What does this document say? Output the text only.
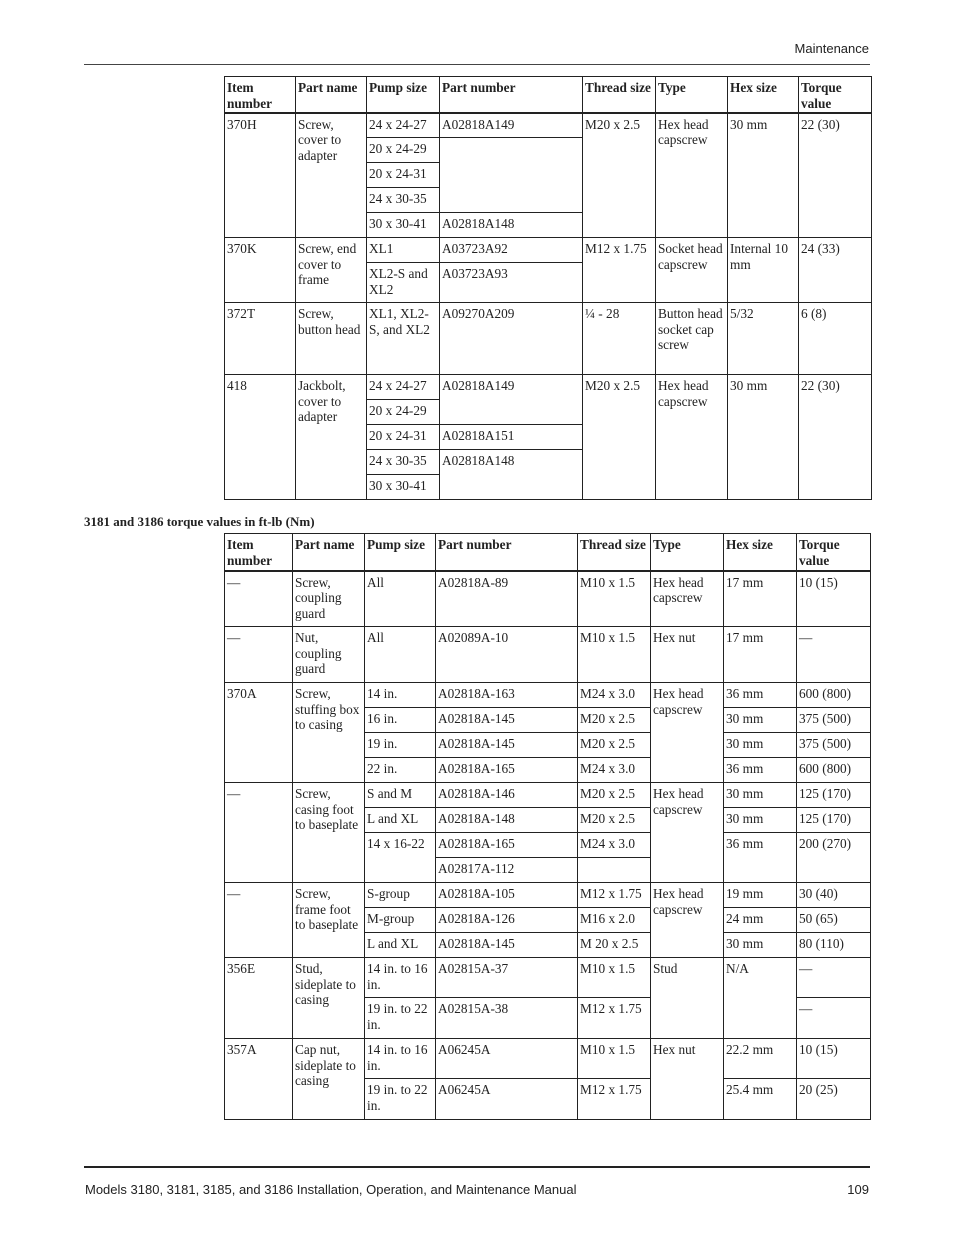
Maintenance
Item number	Part name	Pump size	Part number	Thread size	Type	Hex size	Torque value
370H	Screw, cover to adapter	24 x 24-27	A02818A149	M20 x 2.5	Hex head capscrew	30 mm	22 (30)
		20 x 24-29					
		20 x 24-31					
		24 x 30-35					
		30 x 30-41	A02818A148				
370K	Screw, end cover to frame	XL1	A03723A92	M12 x 1.75	Socket head capscrew	Internal 10 mm	24 (33)
		XL2-S and XL2	A03723A93				
372T	Screw, button head	XL1, XL2-S, and XL2	A09270A209	¼ - 28	Button head socket cap screw	5/32	6 (8)
418	Jackbolt, cover to adapter	24 x 24-27	A02818A149	M20 x 2.5	Hex head capscrew	30 mm	22 (30)
		20 x 24-29					
		20 x 24-31	A02818A151				
		24 x 30-35	A02818A148				
		30 x 30-41					
3181 and 3186 torque values in ft-lb (Nm)
Item number	Part name	Pump size	Part number	Thread size	Type	Hex size	Torque value
—	Screw, coupling guard	All	A02818A-89	M10 x 1.5	Hex head capscrew	17 mm	10 (15)
—	Nut, coupling guard	All	A02089A-10	M10 x 1.5	Hex nut	17 mm	—
370A	Screw, stuffing box to casing	14 in.	A02818A-163	M24 x 3.0	Hex head capscrew	36 mm	600 (800)
		16 in.	A02818A-145	M20 x 2.5		30 mm	375 (500)
		19 in.	A02818A-145	M20 x 2.5		30 mm	375 (500)
		22 in.	A02818A-165	M24 x 3.0		36 mm	600 (800)
—	Screw, casing foot to baseplate	S and M	A02818A-146	M20 x 2.5	Hex head capscrew	30 mm	125 (170)
		L and XL	A02818A-148	M20 x 2.5		30 mm	125 (170)
		14 x 16-22	A02818A-165	M24 x 3.0		36 mm	200 (270)
			A02817A-112				
—	Screw, frame foot to baseplate	S-group	A02818A-105	M12 x 1.75	Hex head capscrew	19 mm	30 (40)
		M-group	A02818A-126	M16 x 2.0		24 mm	50 (65)
		L and XL	A02818A-145	M 20 x 2.5		30 mm	80 (110)
356E	Stud, sideplate to casing	14 in. to 16 in.	A02815A-37	M10 x 1.5	Stud	N/A	—
		19 in. to 22 in.	A02815A-38	M12 x 1.75			—
357A	Cap nut, sideplate to casing	14 in. to 16 in.	A06245A	M10 x 1.5	Hex nut	22.2 mm	10 (15)
		19 in. to 22 in.	A06245A	M12 x 1.75		25.4 mm	20 (25)
Models 3180, 3181, 3185, and 3186 Installation, Operation, and Maintenance Manual	109
